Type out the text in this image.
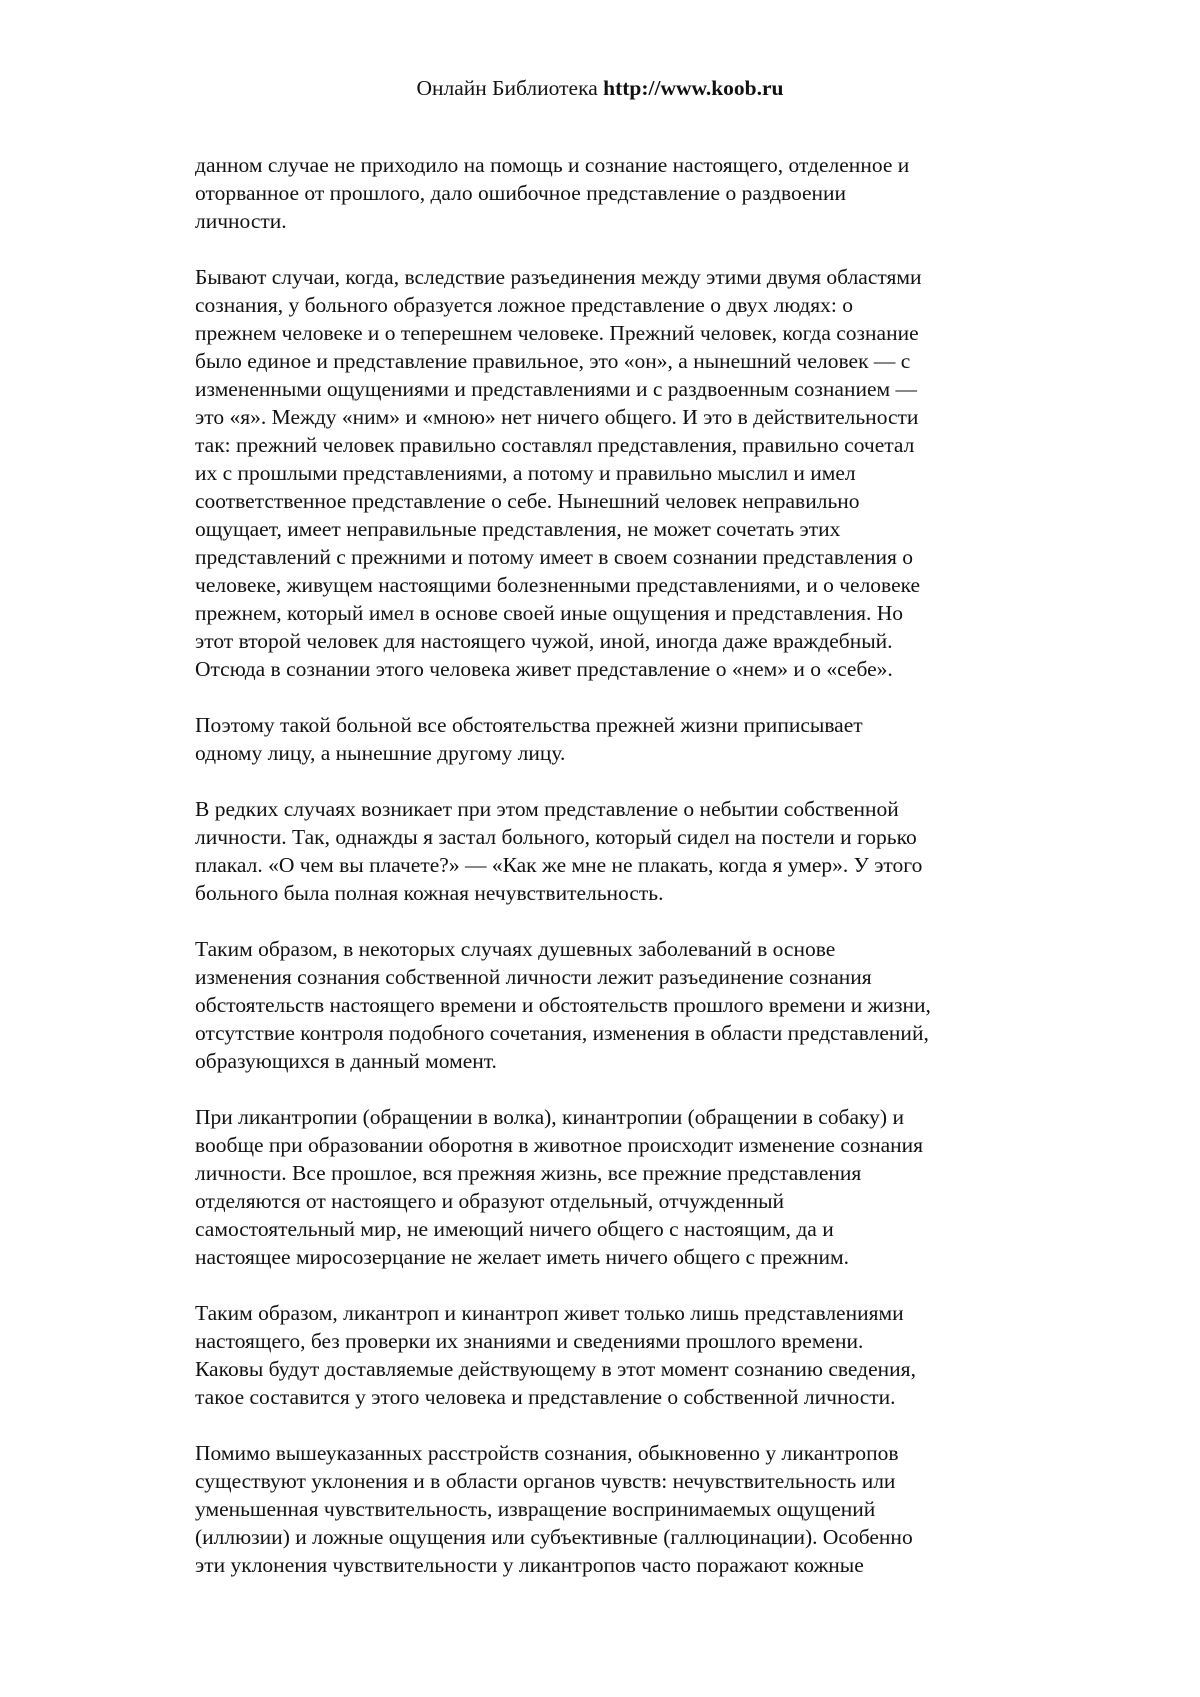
Онлайн Библиотека http://www.koob.ru
данном случае не приходило на помощь и сознание настоящего, отделенное и
оторванное от прошлого, дало ошибочное представление о раздвоении
личности.
Бывают случаи, когда, вследствие разъединения между этими двумя областями
сознания, у больного образуется ложное представление о двух людях: о
прежнем человеке и о теперешнем человеке. Прежний человек, когда сознание
было единое и представление правильное, это «он», а нынешний человек — с
измененными ощущениями и представлениями и с раздвоенным сознанием —
это «я». Между «ним» и «мною» нет ничего общего. И это в действительности
так: прежний человек правильно составлял представления, правильно сочетал
их с прошлыми представлениями, а потому и правильно мыслил и имел
соответственное представление о себе. Нынешний человек неправильно
ощущает, имеет неправильные представления, не может сочетать этих
представлений с прежними и потому имеет в своем сознании представления о
человеке, живущем настоящими болезненными представлениями, и о человеке
прежнем, который имел в основе своей иные ощущения и представления. Но
этот второй человек для настоящего чужой, иной, иногда даже враждебный.
Отсюда в сознании этого человека живет представление о «нем» и о «себе».
Поэтому такой больной все обстоятельства прежней жизни приписывает
одному лицу, а нынешние другому лицу.
В редких случаях возникает при этом представление о небытии собственной
личности. Так, однажды я застал больного, который сидел на постели и горько
плакал. «О чем вы плачете?» — «Как же мне не плакать, когда я умер». У этого
больного была полная кожная нечувствительность.
Таким образом, в некоторых случаях душевных заболеваний в основе
изменения сознания собственной личности лежит разъединение сознания
обстоятельств настоящего времени и обстоятельств прошлого времени и жизни,
отсутствие контроля подобного сочетания, изменения в области представлений,
образующихся в данный момент.
При ликантропии (обращении в волка), кинантропии (обращении в собаку) и
вообще при образовании оборотня в животное происходит изменение сознания
личности. Все прошлое, вся прежняя жизнь, все прежние представления
отделяются от настоящего и образуют отдельный, отчужденный
самостоятельный мир, не имеющий ничего общего с настоящим, да и
настоящее миросозерцание не желает иметь ничего общего с прежним.
Таким образом, ликантроп и кинантроп живет только лишь представлениями
настоящего, без проверки их знаниями и сведениями прошлого времени.
Каковы будут доставляемые действующему в этот момент сознанию сведения,
такое составится у этого человека и представление о собственной личности.
Помимо вышеуказанных расстройств сознания, обыкновенно у ликантропов
существуют уклонения и в области органов чувств: нечувствительность или
уменьшенная чувствительность, извращение воспринимаемых ощущений
(иллюзии) и ложные ощущения или субъективные (галлюцинации). Особенно
эти уклонения чувствительности у ликантропов часто поражают кожные
